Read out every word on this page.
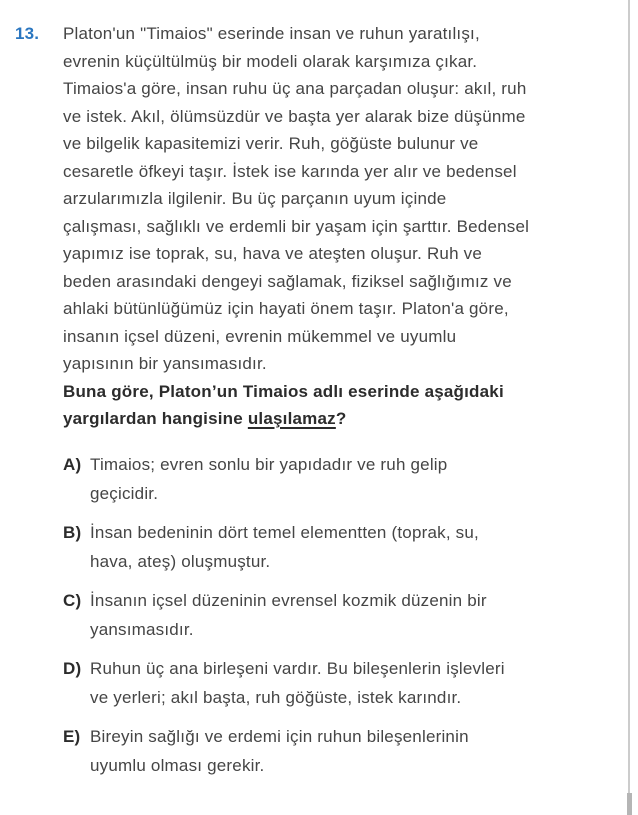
13.	Platon'un "Timaios" eserinde insan ve ruhun yaratılışı,
evrenin küçültülmüş bir modeli olarak karşımıza çıkar.
Timaios'a göre, insan ruhu üç ana parçadan oluşur: akıl, ruh
ve istek. Akıl, ölümsüzdür ve başta yer alarak bize düşünme
ve bilgelik kapasitemizi verir. Ruh, göğüste bulunur ve
cesaretle öfkeyi taşır. İstek ise karında yer alır ve bedensel
arzularımızla ilgilenir. Bu üç parçanın uyum içinde
çalışması, sağlıklı ve erdemli bir yaşam için şarttır. Bedensel
yapımız ise toprak, su, hava ve ateşten oluşur. Ruh ve
beden arasındaki dengeyi sağlamak, fiziksel sağlığımız ve
ahlaki bütünlüğümüz için hayati önem taşır. Platon'a göre,
insanın içsel düzeni, evrenin mükemmel ve uyumlu
yapısının bir yansımasıdır.
Buna göre, Platon’un Timaios adlı eserinde aşağıdaki
yargılardan hangisine ulaşılamaz?
A) Timaios; evren sonlu bir yapıdadır ve ruh gelip
geçicidir.
B) İnsan bedeninin dört temel elementten (toprak, su,
hava, ateş) oluşmuştur.
C) İnsanın içsel düzeninin evrensel kozmik düzenin bir
yansımasıdır.
D) Ruhun üç ana birleşeni vardır. Bu bileşenlerin işlevleri
ve yerleri; akıl başta, ruh göğüste, istek karındır.
E) Bireyin sağlığı ve erdemi için ruhun bileşenlerinin
uyumlu olması gerekir.
